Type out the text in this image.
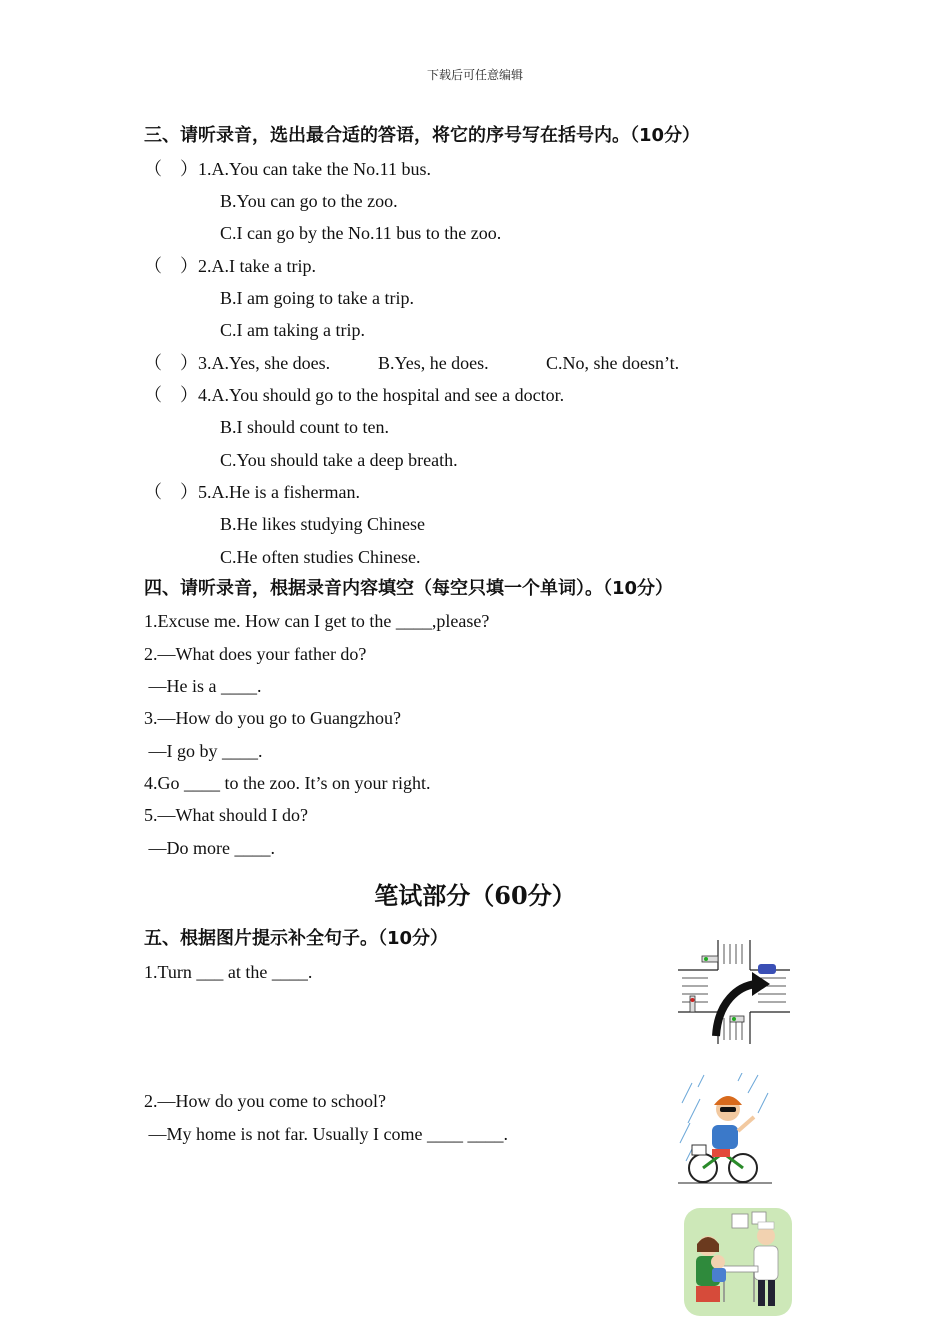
下载后可任意编辑
三、请听录音，选出最合适的答语，将它的序号写在括号内。（10分）
（　）1.A.You can take the No.11 bus.
B.You can go to the zoo.
C.I can go by the No.11 bus to the zoo.
（　）2.A.I take a trip.
B.I am going to take a trip.
C.I am taking a trip.
（　）3.A.Yes, she does.	B.Yes, he does.	C.No, she doesn’t.
（　）4.A.You should go to the hospital and see a doctor.
B.I should count to ten.
C.You should take a deep breath.
（　）5.A.He is a fisherman.
B.He likes studying Chinese
C.He often studies Chinese.
四、请听录音，根据录音内容填空（每空只填一个单词）。（10分）
1.Excuse me. How can I get to the ____,please?
2.—What does your father do?
—He is a ____.
3.—How do you go to Guangzhou?
—I go by ____.
4.Go ____ to the zoo. It’s on your right.
5.—What should I do?
—Do more ____.
笔试部分（60分）
五、根据图片提示补全句子。（10分）
1.Turn ___ at the ____.
2.—How do you come to school?
—My home is not far. Usually I come ____ ____.
